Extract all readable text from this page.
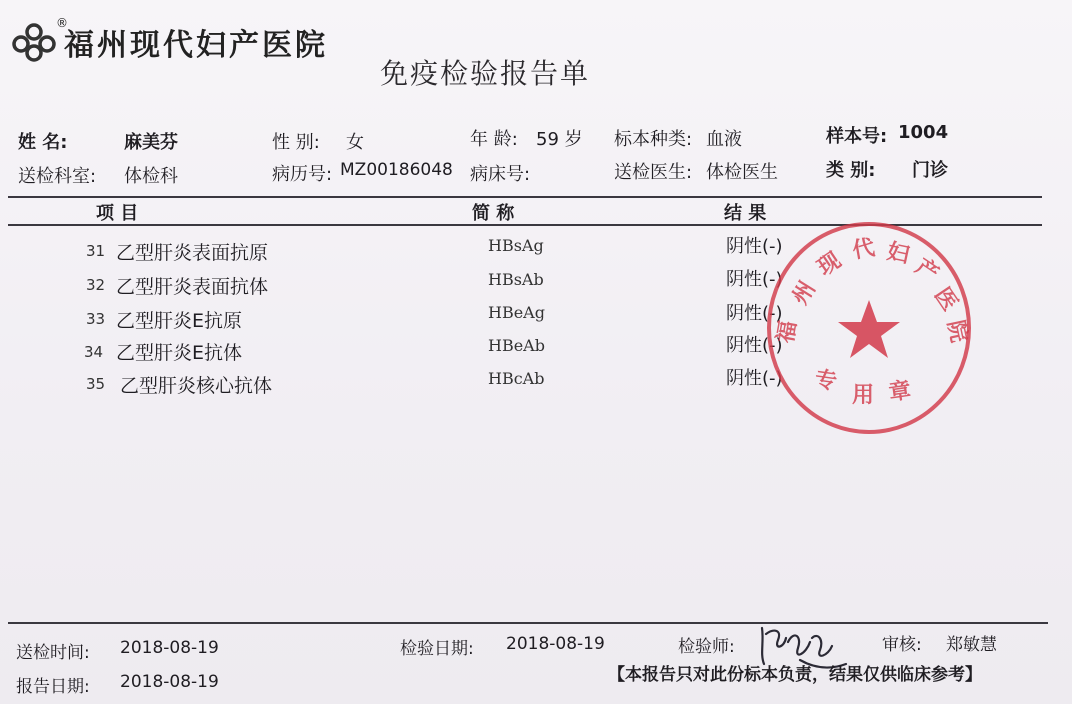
®
福州现代妇产医院
免疫检验报告单
姓 名:	麻美芬	性 别: 女	年 龄: 59 岁 标本种类: 血液	样本号: 1004
送检科室: 体检科	病历号: MZ00186048 病床号:	送检医生: 体检医生	类 别: 门诊
项 目	简 称	结 果
31 乙型肝炎表面抗原	HBsAg	阴性(-)
32 乙型肝炎表面抗体	HBsAb	阴性(-)
33 乙型肝炎E抗原	HBeAg	阴性(-)
34 乙型肝炎E抗体	HBeAb	阴性(-)
35 乙型肝炎核心抗体	HBcAb	阴性(-)
福
州
现 代 妇
产
医
院
专
用 章
送检时间: 2018-08-19
报告日期: 2018-08-19
检验日期: 2018-08-19	检验师:	审核: 郑敏慧
【本报告只对此份标本负责，结果仅供临床参考】
